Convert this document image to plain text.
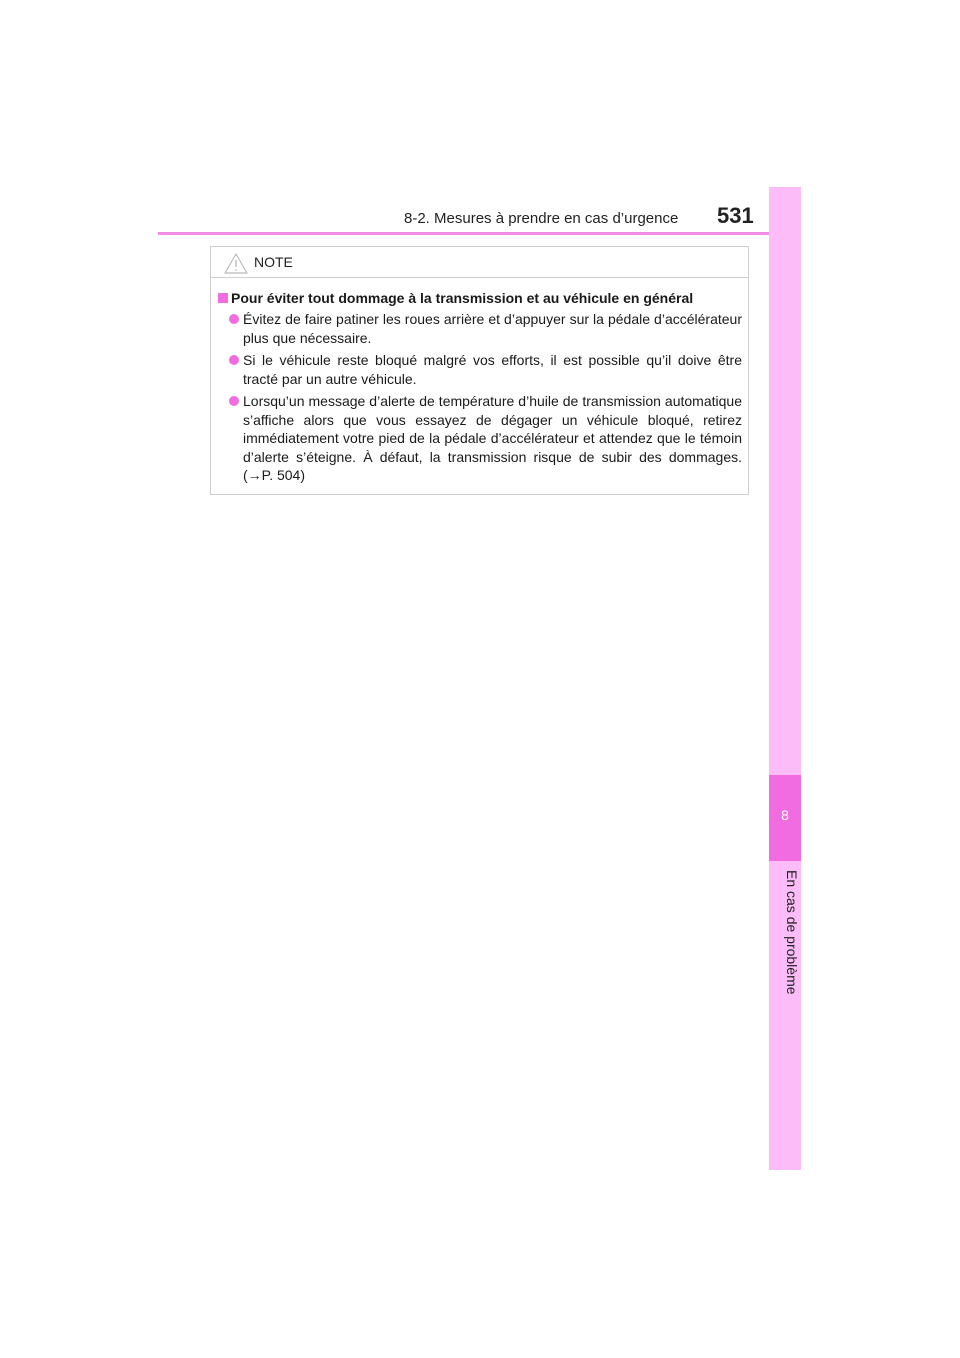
8-2. Mesures à prendre en cas d’urgence 531
8
En cas de problème
NOTE
Pour éviter tout dommage à la transmission et au véhicule en général
Évitez de faire patiner les roues arrière et d’appuyer sur la pédale d’accélérateur plus que nécessaire.
Si le véhicule reste bloqué malgré vos efforts, il est possible qu’il doive être tracté par un autre véhicule.
Lorsqu’un message d’alerte de température d’huile de transmission automatique s’affiche alors que vous essayez de dégager un véhicule bloqué, retirez immédiatement votre pied de la pédale d’accélérateur et attendez que le témoin d’alerte s’éteigne. À défaut, la transmission risque de subir des dommages. (→P. 504)
